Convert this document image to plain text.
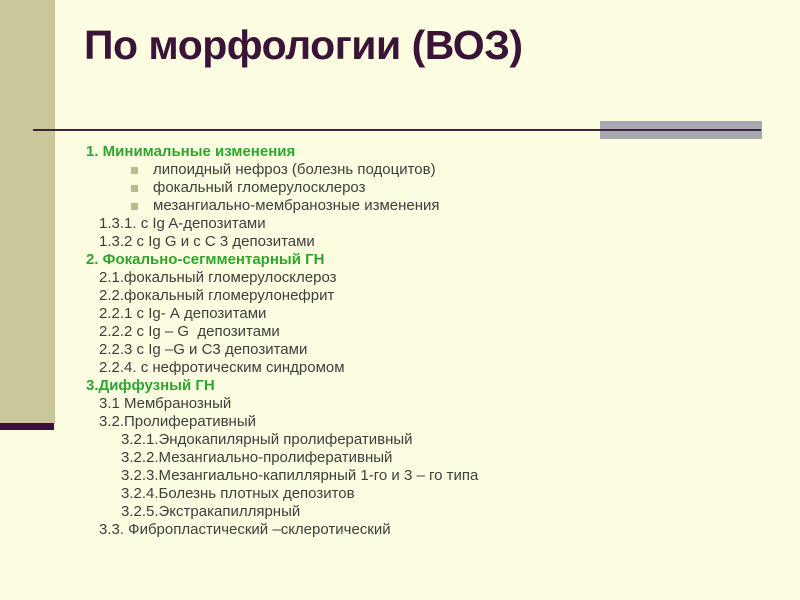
По морфологии (ВОЗ)
1. Минимальные изменения
липоидный нефроз (болезнь подоцитов)
фокальный гломерулосклероз
мезангиально-мембранозные изменения
1.3.1. с Ig A-депозитами
1.3.2 с Ig G и с С 3 депозитами
2. Фокально-сегмментарный ГН
2.1.фокальный гломерулосклероз
2.2.фокальный гломерулонефрит
2.2.1 с Ig- А депозитами
2.2.2 с Ig – G  депозитами
2.2.3 с Ig –G и С3 депозитами
2.2.4. с нефротическим синдромом
3.Диффузный ГН
3.1 Мембранозный
3.2.Пролиферативный
3.2.1.Эндокапилярный пролиферативный
3.2.2.Мезангиально-пролиферативный
3.2.3.Мезангиально-капиллярный 1-го и 3 – го типа
3.2.4.Болезнь плотных депозитов
3.2.5.Экстракапиллярный
3.3. Фибропластический –склеротический
